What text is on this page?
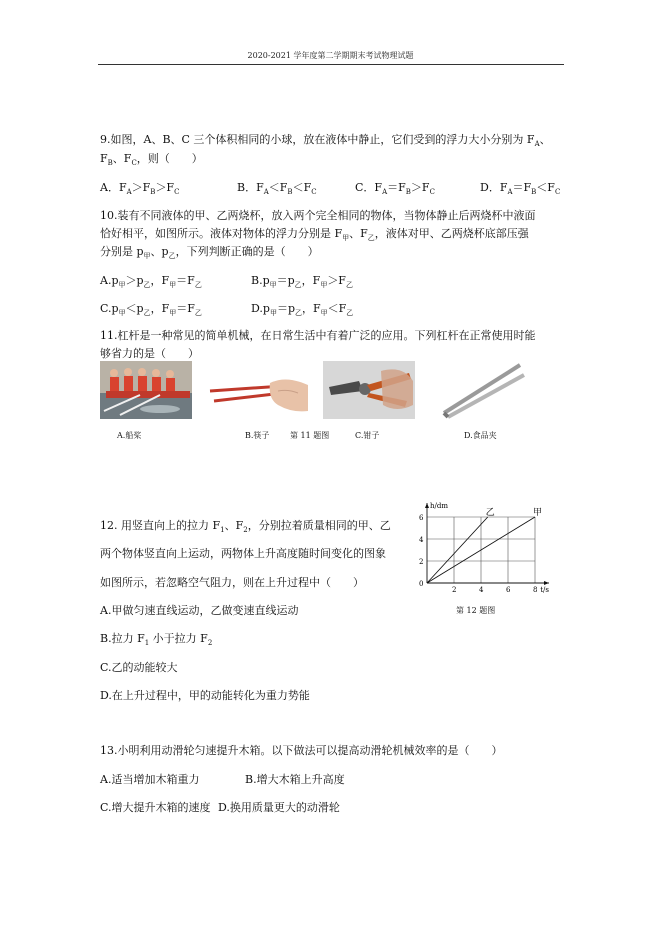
2020-2021 学年度第二学期期末考试物理试题
9.如图，A、B、C 三个体积相同的小球，放在液体中静止，它们受到的浮力大小分别为 $F_A$、
$F_B$、$F_C$，则（　　）
A．$F_A>F_B>F_C$	B．$F_A<F_B<F_C$	C．$F_A=F_B>F_C$	D．$F_A=F_B<F_C$
10.装有不同液体的甲、乙两烧杯，放入两个完全相同的物体，当物体静止后两烧杯中液面
恰好相平，如图所示。液体对物体的浮力分别是 $F_甲$、$F_乙$，液体对甲、乙两烧杯底部压强
分别是 $p_甲$、$p_乙$，下列判断正确的是（　　）
$A.p_甲>p_乙$，$F_甲=F_乙$	$B.p_甲=p_乙$，$F_甲>F_乙$
$C.p_甲<p_乙$，$F_甲=F_乙$	$D.p_甲=p_乙$，$F_甲<F_乙$
11.杠杆是一种常见的简单机械，在日常生活中有着广泛的应用。下列杠杆在正常使用时能
够省力的是（　　）
A.船桨	B.筷子	第 11 题图	C.钳子	D.食品夹
12. 用竖直向上的拉力 $F_1$、$F_2$，分别拉着质量相同的甲、乙
两个物体竖直向上运动，两物体上升高度随时间变化的图象
如图所示，若忽略空气阻力，则在上升过程中（　　）
A.甲做匀速直线运动，乙做变速直线运动
B.拉力 $F_1$ 小于拉力 $F_2$
C.乙的动能较大
D.在上升过程中，甲的动能转化为重力势能
甲
乙
2	4	6	8
2
4
6
0
t/s
h/dm
第 12 题图
13.小明利用动滑轮匀速提升木箱。以下做法可以提高动滑轮机械效率的是（　　）
A.适当增加木箱重力	B.增大木箱上升高度
C.增大提升木箱的速度 D.换用质量更大的动滑轮
